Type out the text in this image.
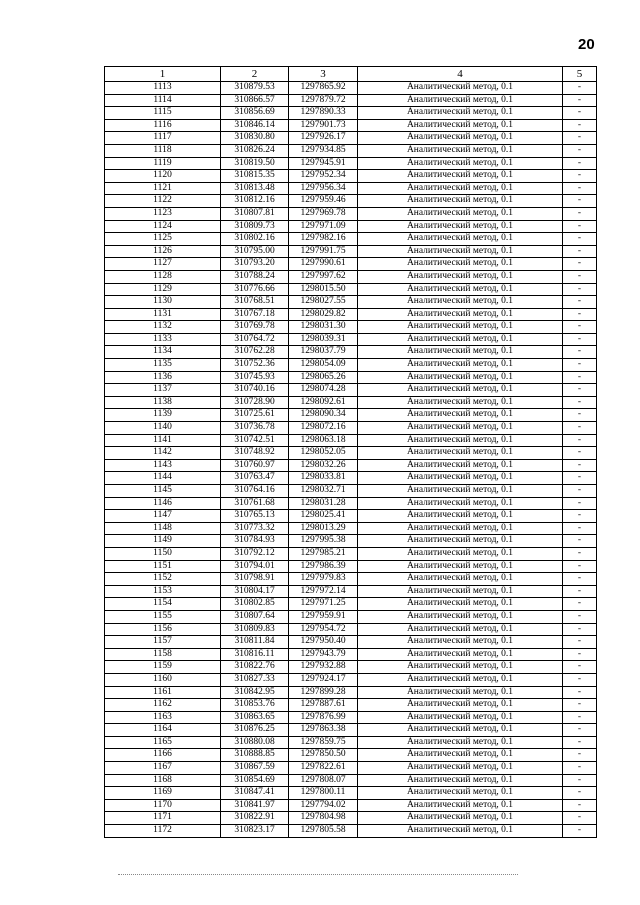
20
1	2	3	4	5
1113	310879.53	1297865.92	Аналитический метод, 0.1	-
1114	310866.57	1297879.72	Аналитический метод, 0.1	-
1115	310856.69	1297890.33	Аналитический метод, 0.1	-
1116	310846.14	1297901.73	Аналитический метод, 0.1	-
1117	310830.80	1297926.17	Аналитический метод, 0.1	-
1118	310826.24	1297934.85	Аналитический метод, 0.1	-
1119	310819.50	1297945.91	Аналитический метод, 0.1	-
1120	310815.35	1297952.34	Аналитический метод, 0.1	-
1121	310813.48	1297956.34	Аналитический метод, 0.1	-
1122	310812.16	1297959.46	Аналитический метод, 0.1	-
1123	310807.81	1297969.78	Аналитический метод, 0.1	-
1124	310809.73	1297971.09	Аналитический метод, 0.1	-
1125	310802.16	1297982.16	Аналитический метод, 0.1	-
1126	310795.00	1297991.75	Аналитический метод, 0.1	-
1127	310793.20	1297990.61	Аналитический метод, 0.1	-
1128	310788.24	1297997.62	Аналитический метод, 0.1	-
1129	310776.66	1298015.50	Аналитический метод, 0.1	-
1130	310768.51	1298027.55	Аналитический метод, 0.1	-
1131	310767.18	1298029.82	Аналитический метод, 0.1	-
1132	310769.78	1298031.30	Аналитический метод, 0.1	-
1133	310764.72	1298039.31	Аналитический метод, 0.1	-
1134	310762.28	1298037.79	Аналитический метод, 0.1	-
1135	310752.36	1298054.09	Аналитический метод, 0.1	-
1136	310745.93	1298065.26	Аналитический метод, 0.1	-
1137	310740.16	1298074.28	Аналитический метод, 0.1	-
1138	310728.90	1298092.61	Аналитический метод, 0.1	-
1139	310725.61	1298090.34	Аналитический метод, 0.1	-
1140	310736.78	1298072.16	Аналитический метод, 0.1	-
1141	310742.51	1298063.18	Аналитический метод, 0.1	-
1142	310748.92	1298052.05	Аналитический метод, 0.1	-
1143	310760.97	1298032.26	Аналитический метод, 0.1	-
1144	310763.47	1298033.81	Аналитический метод, 0.1	-
1145	310764.16	1298032.71	Аналитический метод, 0.1	-
1146	310761.68	1298031.28	Аналитический метод, 0.1	-
1147	310765.13	1298025.41	Аналитический метод, 0.1	-
1148	310773.32	1298013.29	Аналитический метод, 0.1	-
1149	310784.93	1297995.38	Аналитический метод, 0.1	-
1150	310792.12	1297985.21	Аналитический метод, 0.1	-
1151	310794.01	1297986.39	Аналитический метод, 0.1	-
1152	310798.91	1297979.83	Аналитический метод, 0.1	-
1153	310804.17	1297972.14	Аналитический метод, 0.1	-
1154	310802.85	1297971.25	Аналитический метод, 0.1	-
1155	310807.64	1297959.91	Аналитический метод, 0.1	-
1156	310809.83	1297954.72	Аналитический метод, 0.1	-
1157	310811.84	1297950.40	Аналитический метод, 0.1	-
1158	310816.11	1297943.79	Аналитический метод, 0.1	-
1159	310822.76	1297932.88	Аналитический метод, 0.1	-
1160	310827.33	1297924.17	Аналитический метод, 0.1	-
1161	310842.95	1297899.28	Аналитический метод, 0.1	-
1162	310853.76	1297887.61	Аналитический метод, 0.1	-
1163	310863.65	1297876.99	Аналитический метод, 0.1	-
1164	310876.25	1297863.38	Аналитический метод, 0.1	-
1165	310880.08	1297859.75	Аналитический метод, 0.1	-
1166	310888.85	1297850.50	Аналитический метод, 0.1	-
1167	310867.59	1297822.61	Аналитический метод, 0.1	-
1168	310854.69	1297808.07	Аналитический метод, 0.1	-
1169	310847.41	1297800.11	Аналитический метод, 0.1	-
1170	310841.97	1297794.02	Аналитический метод, 0.1	-
1171	310822.91	1297804.98	Аналитический метод, 0.1	-
1172	310823.17	1297805.58	Аналитический метод, 0.1	-
